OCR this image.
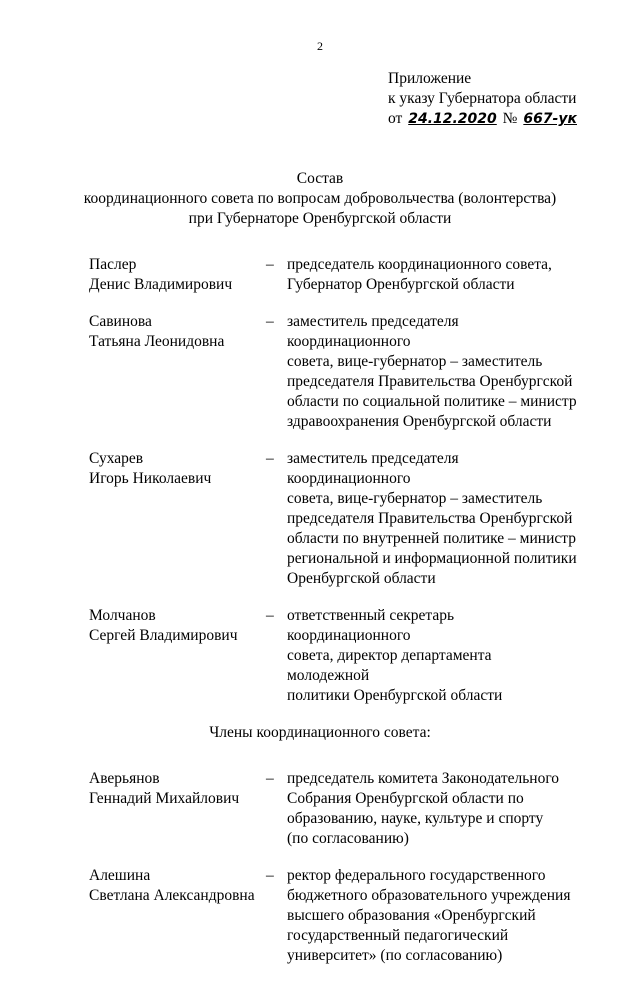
2
Приложение
к указу Губернатора области
от 24.12.2020 № 667-ук
Состав
координационного совета по вопросам добровольчества (волонтерства)
при Губернаторе Оренбургской области
Паслер
Денис Владимирович
– председатель координационного совета,
Губернатор Оренбургской области
Савинова
Татьяна Леонидовна
– заместитель председателя координационного
совета, вице-губернатор – заместитель
председателя Правительства Оренбургской
области по социальной политике – министр
здравоохранения Оренбургской области
Сухарев
Игорь Николаевич
– заместитель председателя координационного
совета, вице-губернатор – заместитель
председателя Правительства Оренбургской
области по внутренней политике – министр
региональной и информационной политики
Оренбургской области
Молчанов
Сергей Владимирович
– ответственный секретарь координационного
совета, директор департамента молодежной
политики Оренбургской области
Члены координационного совета:
Аверьянов
Геннадий Михайлович
– председатель комитета Законодательного
Собрания Оренбургской области по
образованию, науке, культуре и спорту
(по согласованию)
Алешина
Светлана Александровна
– ректор федерального государственного
бюджетного образовательного учреждения
высшего образования «Оренбургский
государственный педагогический
университет» (по согласованию)
